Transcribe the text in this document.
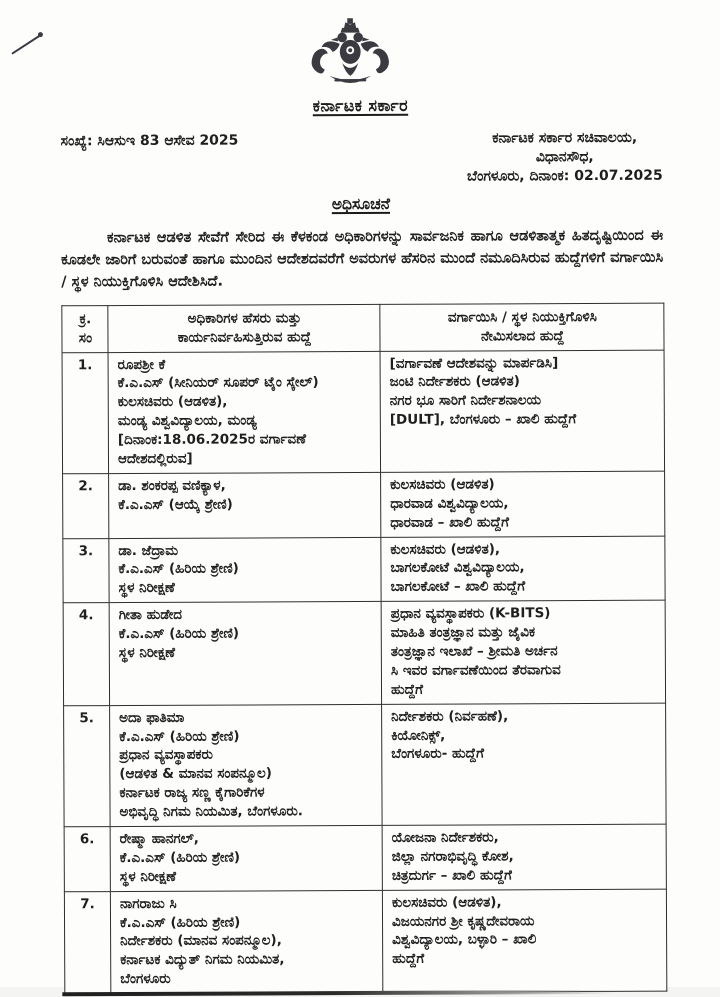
ಕರ್ನಾಟಕ ಸರ್ಕಾರ
ಸಂಖ್ಯೆ: ಸಿಆಸುಇ 83 ಆಸೇವ 2025	ಕರ್ನಾಟಕ ಸರ್ಕಾರ ಸಚಿವಾಲಯ,
ವಿಧಾನಸೌಧ,
ಬೆಂಗಳೂರು, ದಿನಾಂಕ: 02.07.2025
ಅಧಿಸೂಚನೆ

ಕರ್ನಾಟಕ ಆಡಳಿತ ಸೇವೆಗೆ ಸೇರಿದ ಈ ಕೆಳಕಂಡ ಅಧಿಕಾರಿಗಳನ್ನು ಸಾರ್ವಜನಿಕ ಹಾಗೂ ಆಡಳಿತಾತ್ಮಕ ಹಿತದೃಷ್ಟಿಯಿಂದ ಈ ಕೂಡಲೇ ಜಾರಿಗೆ ಬರುವಂತೆ ಹಾಗೂ ಮುಂದಿನ ಆದೇಶದವರೆಗೆ ಅವರುಗಳ ಹೆಸರಿನ ಮುಂದೆ ನಮೂದಿಸಿರುವ ಹುದ್ದೆಗಳಿಗೆ ವರ್ಗಾಯಿಸಿ / ಸ್ಥಳ ನಿಯುಕ್ತಿಗೊಳಿಸಿ ಆದೇಶಿಸಿದೆ.

ಕ್ರ.
ಸಂ	ಅಧಿಕಾರಿಗಳ ಹೆಸರು ಮತ್ತು
ಕಾರ್ಯನಿರ್ವಹಿಸುತ್ತಿರುವ ಹುದ್ದೆ	ವರ್ಗಾಯಿಸಿ / ಸ್ಥಳ ನಿಯುಕ್ತಿಗೊಳಿಸಿ
ನೇಮಿಸಲಾದ ಹುದ್ದೆ
1.	ರೂಪಶ್ರೀ ಕೆ
ಕೆ.ಎ.ಎಸ್ (ಸೀನಿಯರ್ ಸೂಪರ್ ಟೈಂ ಸ್ಕೇಲ್)
ಕುಲಸಚಿವರು (ಆಡಳಿತ),
ಮಂಡ್ಯ ವಿಶ್ವವಿದ್ಯಾಲಯ, ಮಂಡ್ಯ
[ದಿನಾಂಕ:18.06.2025ರ ವರ್ಗಾವಣೆ
ಆದೇಶದಲ್ಲಿರುವ]	[ವರ್ಗಾವಣೆ ಆದೇಶವನ್ನು ಮಾರ್ಪಡಿಸಿ]
ಜಂಟಿ ನಿರ್ದೇಶಕರು (ಆಡಳಿತ)
ನಗರ ಭೂ ಸಾರಿಗೆ ನಿರ್ದೇಶನಾಲಯ
[DULT], ಬೆಂಗಳೂರು – ಖಾಲಿ ಹುದ್ದೆಗೆ
2.	ಡಾ. ಶಂಕರಪ್ಪ ವಣಿಕ್ಯಾಳ,
ಕೆ.ಎ.ಎಸ್ (ಆಯ್ಕೆ ಶ್ರೇಣಿ)	ಕುಲಸಚಿವರು (ಆಡಳಿತ)
ಧಾರವಾಡ ವಿಶ್ವವಿದ್ಯಾಲಯ,
ಧಾರವಾಡ – ಖಾಲಿ ಹುದ್ದೆಗೆ
3.	ಡಾ. ಜೆದ್ರಾಮ
ಕೆ.ಎ.ಎಸ್ (ಹಿರಿಯ ಶ್ರೇಣಿ)
ಸ್ಥಳ ನಿರೀಕ್ಷಣೆ	ಕುಲಸಚಿವರು (ಆಡಳಿತ),
ಬಾಗಲಕೋಟೆ ವಿಶ್ವವಿದ್ಯಾಲಯ,
ಬಾಗಲಕೋಟೆ – ಖಾಲಿ ಹುದ್ದೆಗೆ
4.	ಗೀತಾ ಹುಡೇದ
ಕೆ.ಎ.ಎಸ್ (ಹಿರಿಯ ಶ್ರೇಣಿ)
ಸ್ಥಳ ನಿರೀಕ್ಷಣೆ	ಪ್ರಧಾನ ವ್ಯವಸ್ಥಾಪಕರು (K-BITS)
ಮಾಹಿತಿ ತಂತ್ರಜ್ಞಾನ ಮತ್ತು ಜೈವಿಕ
ತಂತ್ರಜ್ಞಾನ ಇಲಾಖೆ – ಶ್ರೀಮತಿ ಅರ್ಚನ
ಸಿ ಇವರ ವರ್ಗಾವಣೆಯಿಂದ ತೆರವಾಗುವ
ಹುದ್ದೆಗೆ
5.	ಅದಾ ಫಾತಿಮಾ
ಕೆ.ಎ.ಎಸ್ (ಹಿರಿಯ ಶ್ರೇಣಿ)
ಪ್ರಧಾನ ವ್ಯವಸ್ಥಾಪಕರು
(ಆಡಳಿತ & ಮಾನವ ಸಂಪನ್ಮೂಲ)
ಕರ್ನಾಟಕ ರಾಜ್ಯ ಸಣ್ಣ ಕೈಗಾರಿಕೆಗಳ
ಅಭಿವೃದ್ಧಿ ನಿಗಮ ನಿಯಮಿತ, ಬೆಂಗಳೂರು.	ನಿರ್ದೇಶಕರು (ನಿರ್ವಹಣೆ),
ಕಿಯೋನಿಕ್ಸ್,
ಬೆಂಗಳೂರು- ಹುದ್ದೆಗೆ
6.	ರೇಷ್ಮಾ ಹಾನಗಲ್,
ಕೆ.ಎ.ಎಸ್ (ಹಿರಿಯ ಶ್ರೇಣಿ)
ಸ್ಥಳ ನಿರೀಕ್ಷಣೆ	ಯೋಜನಾ ನಿರ್ದೇಶಕರು,
ಜಿಲ್ಲಾ ನಗರಾಭಿವೃದ್ಧಿ ಕೋಶ,
ಚಿತ್ರದುರ್ಗ – ಖಾಲಿ ಹುದ್ದೆಗೆ
7.	ನಾಗರಾಜು ಸಿ
ಕೆ.ಎ.ಎಸ್ (ಹಿರಿಯ ಶ್ರೇಣಿ)
ನಿರ್ದೇಶಕರು (ಮಾನವ ಸಂಪನ್ಮೂಲ),
ಕರ್ನಾಟಕ ವಿದ್ಯುತ್ ನಿಗಮ ನಿಯಮಿತ,
ಬೆಂಗಳೂರು	ಕುಲಸಚಿವರು (ಆಡಳಿತ),
ವಿಜಯನಗರ ಶ್ರೀ ಕೃಷ್ಣದೇವರಾಯ
ವಿಶ್ವವಿದ್ಯಾಲಯ, ಬಳ್ಳಾರಿ – ಖಾಲಿ
ಹುದ್ದೆಗೆ
